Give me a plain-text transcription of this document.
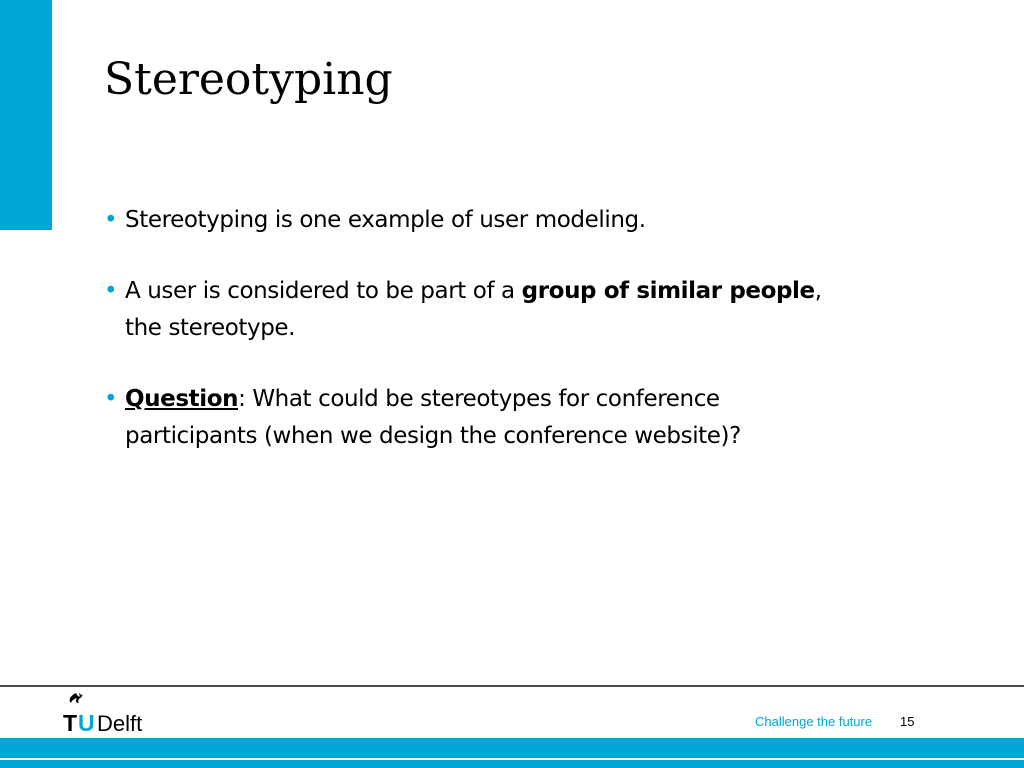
Stereotyping
• Stereotyping is one example of user modeling.
• A user is considered to be part of a group of similar people, the stereotype.
• Question: What could be stereotypes for conference participants (when we design the conference website)?
T U Delft	Challenge the future 15
